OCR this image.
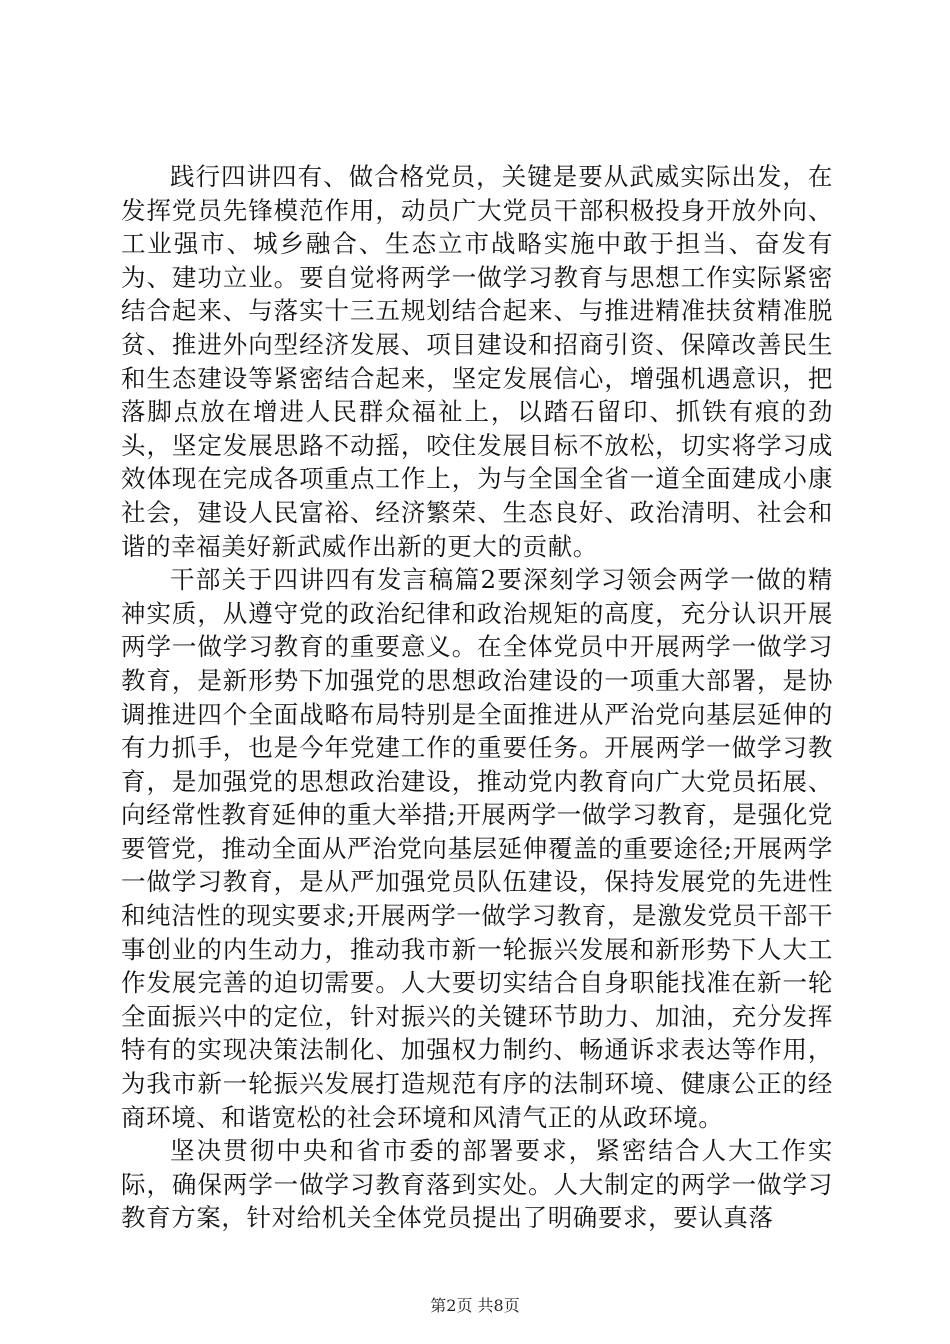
践行四讲四有、做合格党员，关键是要从武威实际出发，在发挥党员先锋模范作用，动员广大党员干部积极投身开放外向、工业强市、城乡融合、生态立市战略实施中敢于担当、奋发有为、建功立业。要自觉将两学一做学习教育与思想工作实际紧密结合起来、与落实十三五规划结合起来、与推进精准扶贫精准脱贫、推进外向型经济发展、项目建设和招商引资、保障改善民生和生态建设等紧密结合起来，坚定发展信心，增强机遇意识，把落脚点放在增进人民群众福祉上，以踏石留印、抓铁有痕的劲头，坚定发展思路不动摇，咬住发展目标不放松，切实将学习成效体现在完成各项重点工作上，为与全国全省一道全面建成小康社会，建设人民富裕、经济繁荣、生态良好、政治清明、社会和谐的幸福美好新武威作出新的更大的贡献。

干部关于四讲四有发言稿篇2要深刻学习领会两学一做的精神实质，从遵守党的政治纪律和政治规矩的高度，充分认识开展两学一做学习教育的重要意义。在全体党员中开展两学一做学习教育，是新形势下加强党的思想政治建设的一项重大部署，是协调推进四个全面战略布局特别是全面推进从严治党向基层延伸的有力抓手，也是今年党建工作的重要任务。开展两学一做学习教育，是加强党的思想政治建设，推动党内教育向广大党员拓展、向经常性教育延伸的重大举措;开展两学一做学习教育，是强化党要管党，推动全面从严治党向基层延伸覆盖的重要途径;开展两学一做学习教育，是从严加强党员队伍建设，保持发展党的先进性和纯洁性的现实要求;开展两学一做学习教育，是激发党员干部干事创业的内生动力，推动我市新一轮振兴发展和新形势下人大工作发展完善的迫切需要。人大要切实结合自身职能找准在新一轮全面振兴中的定位，针对振兴的关键环节助力、加油，充分发挥特有的实现决策法制化、加强权力制约、畅通诉求表达等作用，为我市新一轮振兴发展打造规范有序的法制环境、健康公正的经商环境、和谐宽松的社会环境和风清气正的从政环境。

坚决贯彻中央和省市委的部署要求，紧密结合人大工作实际，确保两学一做学习教育落到实处。人大制定的两学一做学习教育方案，针对给机关全体党员提出了明确要求，要认真落

第2页 共8页
